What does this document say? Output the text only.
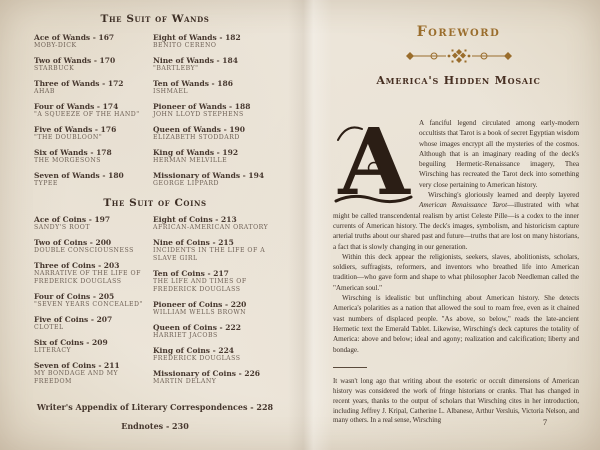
The Suit of Wands
Ace of Wands - 167
MOBY-DICK
Two of Wands - 170
STARBUCK
Three of Wands - 172
AHAB
Four of Wands - 174
"A SQUEEZE OF THE HAND"
Five of Wands - 176
"THE DOUBLOON"
Six of Wands - 178
THE MORGESONS
Seven of Wands - 180
TYPEE
Eight of Wands - 182
BENITO CERENO
Nine of Wands - 184
"BARTLEBY"
Ten of Wands - 186
ISHMAEL
Pioneer of Wands - 188
JOHN LLOYD STEPHENS
Queen of Wands - 190
ELIZABETH STODDARD
King of Wands - 192
HERMAN MELVILLE
Missionary of Wands - 194
GEORGE LIPPARD
The Suit of Coins
Ace of Coins - 197
SANDY'S ROOT
Two of Coins - 200
DOUBLE CONSCIOUSNESS
Three of Coins - 203
NARRATIVE OF THE LIFE OF FREDERICK DOUGLASS
Four of Coins - 205
"SEVEN YEARS CONCEALED"
Five of Coins - 207
CLOTEL
Six of Coins - 209
LITERACY
Seven of Coins - 211
MY BONDAGE AND MY FREEDOM
Eight of Coins - 213
AFRICAN-AMERICAN ORATORY
Nine of Coins - 215
INCIDENTS IN THE LIFE OF A SLAVE GIRL
Ten of Coins - 217
THE LIFE AND TIMES OF FREDERICK DOUGLASS
Pioneer of Coins - 220
WILLIAM WELLS BROWN
Queen of Coins - 222
HARRIET JACOBS
King of Coins - 224
FREDERICK DOUGLASS
Missionary of Coins - 226
MARTIN DELANY
Writer's Appendix of Literary Correspondences - 228
Endnotes - 230
Foreword
America's Hidden Mosaic
A	A fanciful legend circulated among early-modern occultists that Tarot is a book of secret Egyptian wisdom whose images encrypt all the mysteries of the cosmos. Although that is an imaginary reading of the deck's beguiling Hermetic-Renaissance imagery, Thea Wirsching has recreated the Tarot deck into something very close pertaining to American history.

Wirsching's gloriously learned and deeply layered American Renaissance Tarot—illustrated with what might be called transcendental realism by artist Celeste Pille—is a codex to the inner currents of American history. The deck's images, symbolism, and historicism capture arterial truths about our shared past and future—truths that are lost on many historians, a fact that is slowly changing in our generation.

Within this deck appear the religionists, seekers, slaves, abolitionists, scholars, soldiers, suffragists, reformers, and inventors who breathed life into American tradition—who gave form and shape to what philosopher Jacob Needleman called the "American soul."

Wirsching is idealistic but unflinching about American history. She detects America's polarities as a nation that allowed the soul to roam free, even as it chained vast numbers of displaced people. "As above, so below," reads the late-ancient Hermetic text the Emerald Tablet. Likewise, Wirsching's deck captures the totality of America: above and below; ideal and agony; realization and calcification; liberty and bondage.

It wasn't long ago that writing about the esoteric or occult dimensions of American history was considered the work of fringe historians or cranks. That has changed in recent years, thanks to the output of scholars that Wirsching cites in her introduction, including Jeffrey J. Kripal, Catherine L. Albanese, Arthur Versluis, Victoria Nelson, and many others. In a real sense, Wirsching	7
